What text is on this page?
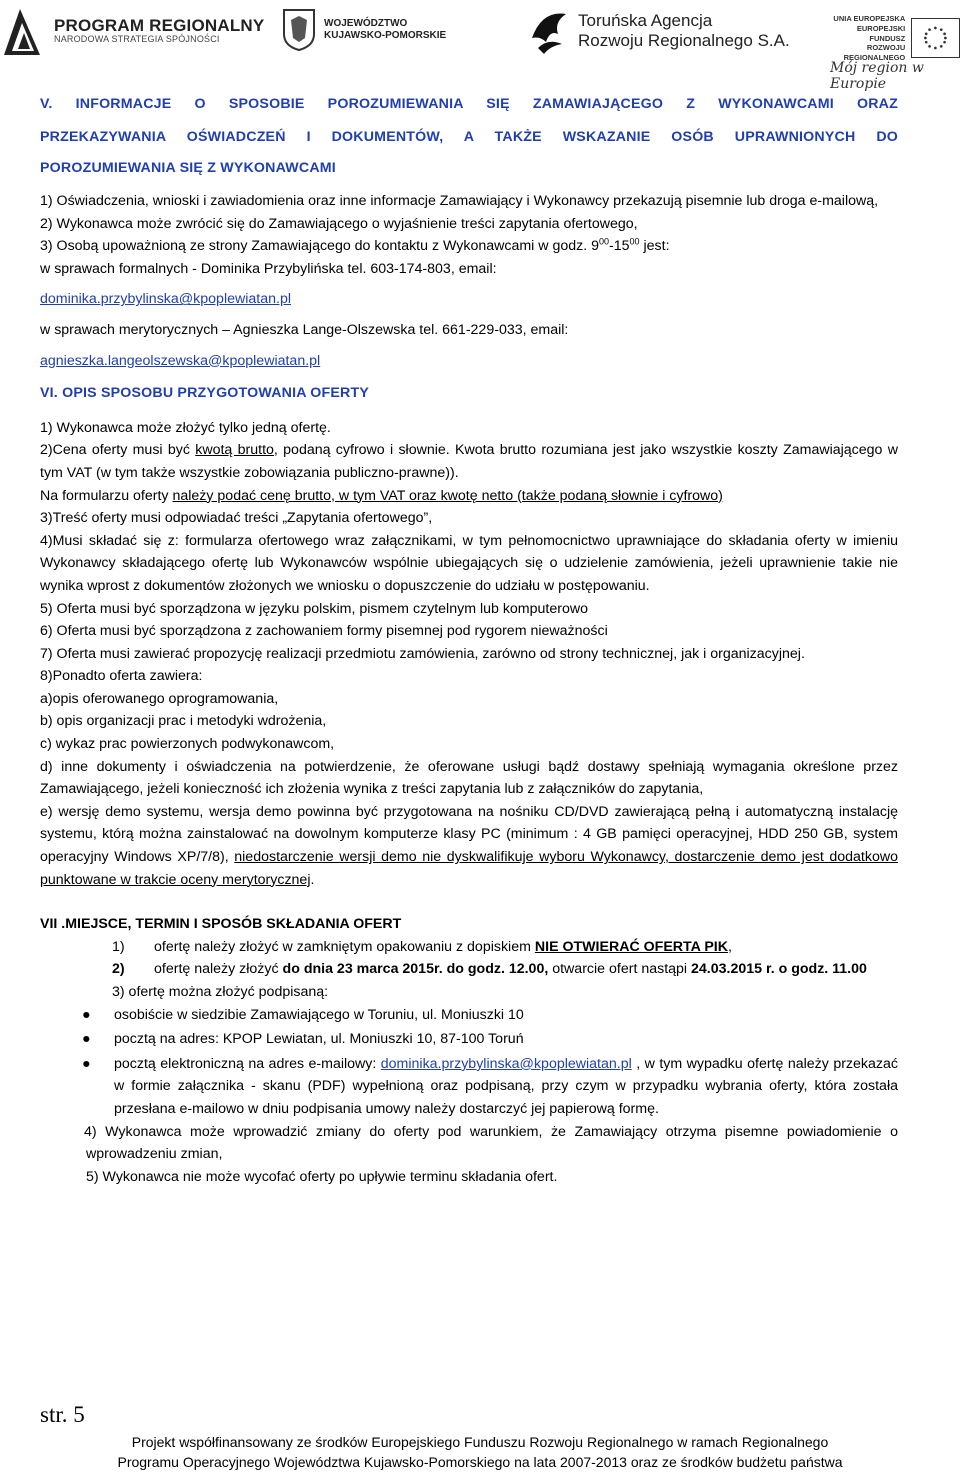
PROGRAM REGIONALNY
NARODOWA STRATEGIA SPÓJNOŚCI
WOJEWÓDZTWO
KUJAWSKO-POMORSKIE
Toruńska Agencja
Rozwoju Regionalnego S.A.
UNIA EUROPEJSKA
EUROPEJSKI FUNDUSZ
ROZWOJU REGIONALNEGO
Mój region w Europie

V. INFORMACJE O SPOSOBIE POROZUMIEWANIA SIĘ ZAMAWIAJĄCEGO Z WYKONAWCAMI ORAZ

PRZEKAZYWANIA OŚWIADCZEŃ I DOKUMENTÓW, A TAKŻE WSKAZANIE OSÓB UPRAWNIONYCH DO

POROZUMIEWANIA SIĘ Z WYKONAWCAMI

1) Oświadczenia, wnioski i zawiadomienia oraz inne informacje Zamawiający i Wykonawcy przekazują pisemnie lub droga e-mailową,

2) Wykonawca może zwrócić się do Zamawiającego o wyjaśnienie treści zapytania ofertowego,

3) Osobą upoważnioną ze strony Zamawiającego do kontaktu z Wykonawcami w godz. $9^{00}-15^{00}$ jest:

w sprawach formalnych - Dominika Przybylińska tel. 603-174-803, email:

dominika.przybylinska@kpoplewiatan.pl

w sprawach merytorycznych – Agnieszka Lange-Olszewska tel. 661-229-033, email:

agnieszka.langeolszewska@kpoplewiatan.pl

VI. OPIS SPOSOBU PRZYGOTOWANIA OFERTY

1) Wykonawca może złożyć tylko jedną ofertę.

2)Cena oferty musi być kwotą brutto, podaną cyfrowo i słownie. Kwota brutto rozumiana jest jako wszystkie koszty Zamawiającego w tym VAT (w tym także wszystkie zobowiązania publiczno-prawne)).

Na formularzu oferty należy podać cenę brutto, w tym VAT oraz kwotę netto (także podaną słownie i cyfrowo)

3)Treść oferty musi odpowiadać treści „Zapytania ofertowego”,

4)Musi składać się z: formularza ofertowego wraz załącznikami, w tym pełnomocnictwo uprawniające do składania oferty w imieniu Wykonawcy składającego ofertę lub Wykonawców wspólnie ubiegających się o udzielenie zamówienia, jeżeli uprawnienie takie nie wynika wprost z dokumentów złożonych we wniosku o dopuszczenie do udziału w postępowaniu.

5) Oferta musi być sporządzona w języku polskim, pismem czytelnym lub komputerowo

6) Oferta musi być sporządzona z zachowaniem formy pisemnej pod rygorem nieważności

7) Oferta musi zawierać propozycję realizacji przedmiotu zamówienia, zarówno od strony technicznej, jak i organizacyjnej.

8)Ponadto oferta zawiera:

a)opis oferowanego oprogramowania,

b) opis organizacji prac i metodyki wdrożenia,

c) wykaz prac powierzonych podwykonawcom,

d) inne dokumenty i oświadczenia na potwierdzenie, że oferowane usługi bądź dostawy spełniają wymagania określone przez Zamawiającego, jeżeli konieczność ich złożenia wynika z treści zapytania lub z załączników do zapytania,

e) wersję demo systemu, wersja demo powinna być przygotowana na nośniku CD/DVD zawierającą pełną i automatyczną instalację systemu, którą można zainstalować na dowolnym komputerze klasy PC (minimum : 4 GB pamięci operacyjnej, HDD 250 GB, system operacyjny Windows XP/7/8), niedostarczenie wersji demo nie dyskwalifikuje wyboru Wykonawcy, dostarczenie demo jest dodatkowo punktowane w trakcie oceny merytorycznej.

VII .MIEJSCE, TERMIN I SPOSÓB SKŁADANIA OFERT

1)	ofertę należy złożyć w zamkniętym opakowaniu z dopiskiem NIE OTWIERAĆ OFERTA PIK,
2)	ofertę należy złożyć do dnia 23 marca 2015r. do godz. 12.00, otwarcie ofert nastąpi 24.03.2015 r. o godz. 11.00

3) ofertę można złożyć podpisaną:

● osobiście w siedzibie Zamawiającego w Toruniu, ul. Moniuszki 10
● pocztą na adres: KPOP Lewiatan, ul. Moniuszki 10, 87-100 Toruń
● pocztą elektroniczną na adres e-mailowy: dominika.przybylinska@kpoplewiatan.pl , w tym wypadku ofertę należy przekazać w formie załącznika - skanu (PDF) wypełnioną oraz podpisaną, przy czym w przypadku wybrania oferty, która została przesłana e-mailowo w dniu podpisania umowy należy dostarczyć jej papierową formę.

4) Wykonawca może wprowadzić zmiany do oferty pod warunkiem, że Zamawiający otrzyma pisemne powiadomienie o wprowadzeniu zmian,

5) Wykonawca nie może wycofać oferty po upływie terminu składania ofert.

str. 5
Projekt współfinansowany ze środków Europejskiego Funduszu Rozwoju Regionalnego w ramach Regionalnego
Programu Operacyjnego Województwa Kujawsko-Pomorskiego na lata 2007-2013 oraz ze środków budżetu państwa
